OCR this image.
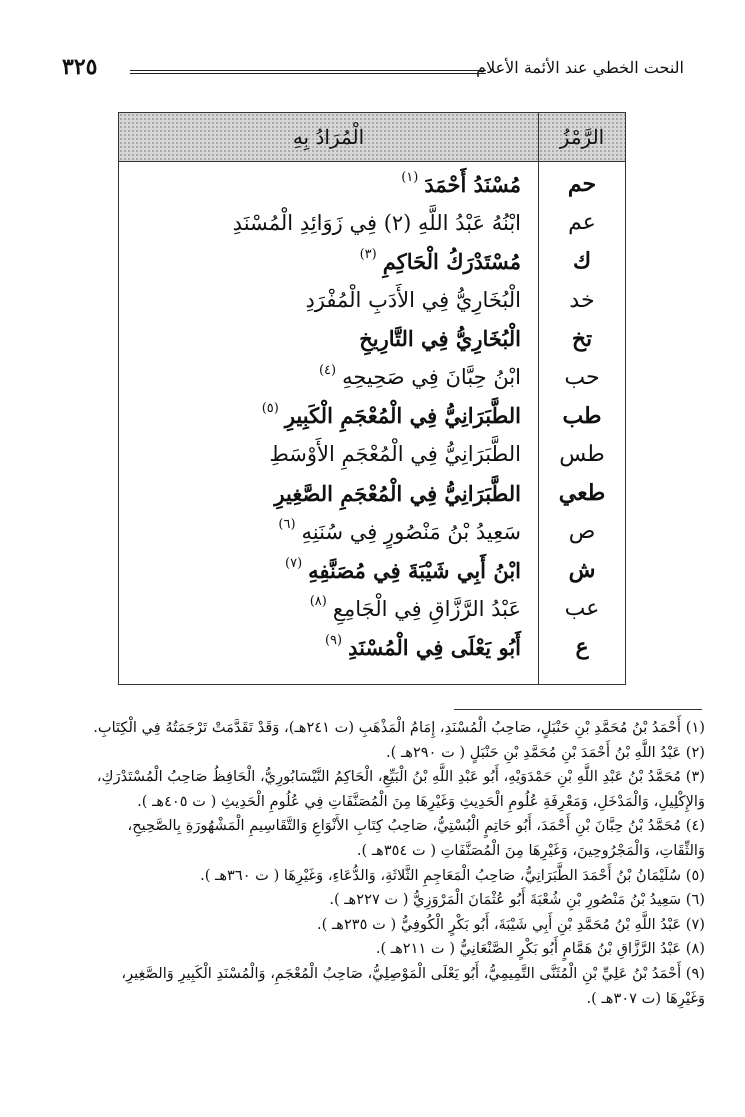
النحت الخطي عند الأئمة الأعلام
٣٢٥
الرَّمْزُ
الْمُرَادُ بِهِ
حم
مُسْنَدُ أَحْمَدَ
(١)
عم
ابْنُهُ عَبْدُ اللَّهِ (٢) فِي زَوَائِدِ الْمُسْنَدِ
ك
مُسْتَدْرَكُ الْحَاكِمِ
(٣)
خد
الْبُخَارِيُّ فِي الأَدَبِ الْمُفْرَدِ
تخ
الْبُخَارِيُّ فِي التَّارِيخِ
حب
ابْنُ حِبَّانَ فِي صَحِيحِهِ
(٤)
طب
الطَّبَرَانِيُّ فِي الْمُعْجَمِ الْكَبِيرِ
(٥)
طس
الطَّبَرَانِيُّ فِي الْمُعْجَمِ الأَوْسَطِ
طعي
الطَّبَرَانِيُّ فِي الْمُعْجَمِ الصَّغِيرِ
ص
سَعِيدُ بْنُ مَنْصُورٍ فِي سُنَنِهِ
(٦)
ش
ابْنُ أَبِي شَيْبَةَ فِي مُصَنَّفِهِ
(٧)
عب
عَبْدُ الرَّزَّاقِ فِي الْجَامِعِ
(٨)
ع
أَبُو يَعْلَى فِي الْمُسْنَدِ
(٩)

(١) أَحْمَدُ بْنُ مُحَمَّدِ بْنِ حَنْبَلٍ، صَاحِبُ الْمُسْنَدِ، إِمَامُ الْمَذْهَبِ (ت ٢٤١هـ)، وَقَدْ تَقَدَّمَتْ تَرْجَمَتُهُ فِي الْكِتَابِ.

(٢) عَبْدُ اللَّهِ بْنُ أَحْمَدَ بْنِ مُحَمَّدِ بْنِ حَنْبَلٍ ( ت ٢٩٠هـ ).

(٣) مُحَمَّدُ بْنُ عَبْدِ اللَّهِ بْنِ حَمْدَوَيْهِ، أَبُو عَبْدِ اللَّهِ بْنُ الْبَيِّعِ، الْحَاكِمُ النَّيْسَابُورِيُّ، الْحَافِظُ صَاحِبُ الْمُسْتَدْرَكِ،

وَالإِكْلِيلِ، وَالْمَدْخَلِ، وَمَعْرِفَةِ عُلُومِ الْحَدِيثِ وَغَيْرِهَا مِنَ الْمُصَنَّفَاتِ فِي عُلُومِ الْحَدِيثِ ( ت ٤٠٥هـ ).

(٤) مُحَمَّدُ بْنُ حِبَّانَ بْنِ أَحْمَدَ، أَبُو حَاتِمٍ الْبُسْتِيُّ، صَاحِبُ كِتَابِ الأَنْوَاعِ وَالتَّقَاسِيمِ الْمَشْهُورَةِ بِالصَّحِيحِ،

وَالثِّقَاتِ، وَالْمَجْرُوحِينَ، وَغَيْرِهَا مِنَ الْمُصَنَّفَاتِ ( ت ٣٥٤هـ ).

(٥) سُلَيْمَانُ بْنُ أَحْمَدَ الطَّبَرَانِيُّ، صَاحِبُ الْمَعَاجِمِ الثَّلاثَةِ، وَالدُّعَاءِ، وَغَيْرِهَا ( ت ٣٦٠هـ ).

(٦) سَعِيدُ بْنُ مَنْصُورِ بْنِ شُعْبَةَ أَبُو عُثْمَانَ الْمَرْوَزِيُّ ( ت ٢٢٧هـ ).

(٧) عَبْدُ اللَّهِ بْنُ مُحَمَّدِ بْنِ أَبِي شَيْبَةَ، أَبُو بَكْرٍ الْكُوفِيُّ ( ت ٢٣٥هـ ).

(٨) عَبْدُ الرَّزَّاقِ بْنُ هَمَّامٍ أَبُو بَكْرٍ الصَّنْعَانِيُّ ( ت ٢١١هـ ).

(٩) أَحْمَدُ بْنُ عَلِيِّ بْنِ الْمُثَنَّى التَّمِيمِيُّ، أَبُو يَعْلَى الْمَوْصِلِيُّ، صَاحِبُ الْمُعْجَمِ، وَالْمُسْنَدِ الْكَبِيرِ وَالصَّغِيرِ،

وَغَيْرِهَا (ت ٣٠٧هـ ).
